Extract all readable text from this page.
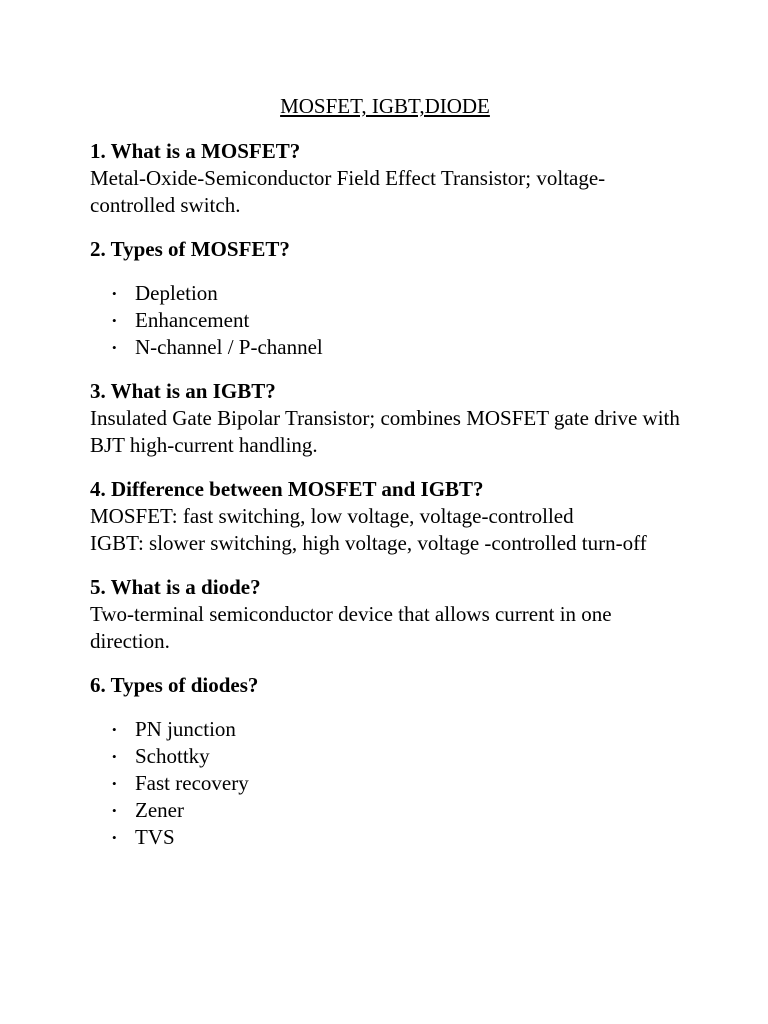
MOSFET, IGBT,DIODE

1. What is a MOSFET?

Metal-Oxide-Semiconductor Field Effect Transistor; voltage-controlled switch.

2. Types of MOSFET?

• Depletion
• Enhancement
• N-channel / P-channel

3. What is an IGBT?

Insulated Gate Bipolar Transistor; combines MOSFET gate drive with BJT high-current handling.

4. Difference between MOSFET and IGBT?

MOSFET: fast switching, low voltage, voltage-controlled

IGBT: slower switching, high voltage, voltage -controlled turn-off

5. What is a diode?

Two-terminal semiconductor device that allows current in one direction.

6. Types of diodes?

• PN junction
• Schottky
• Fast recovery
• Zener
• TVS
